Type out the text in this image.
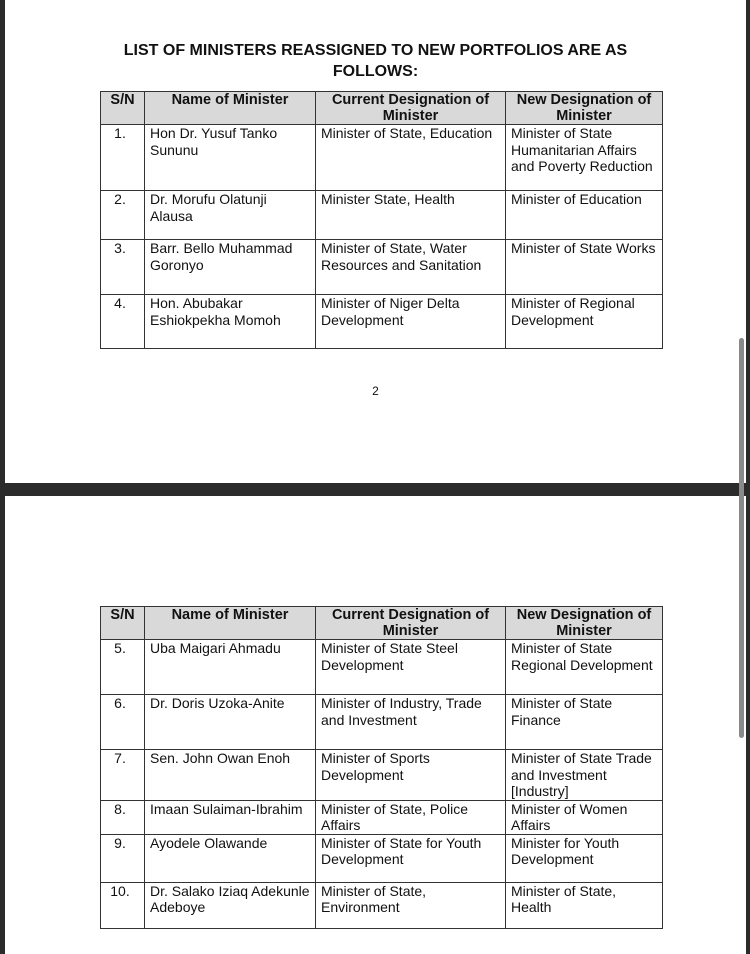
LIST OF MINISTERS REASSIGNED TO NEW PORTFOLIOS ARE AS
FOLLOWS:
S/N	Name of Minister	Current Designation of Minister	New Designation of Minister
1.	Hon Dr. Yusuf Tanko Sununu	Minister of State, Education	Minister of State Humanitarian Affairs and Poverty Reduction
2.	Dr. Morufu Olatunji Alausa	Minister State, Health	Minister of Education
3.	Barr. Bello Muhammad Goronyo	Minister of State, Water Resources and Sanitation	Minister of State Works
4.	Hon. Abubakar Eshiokpekha Momoh	Minister of Niger Delta Development	Minister of Regional Development
2
S/N	Name of Minister	Current Designation of Minister	New Designation of Minister
5.	Uba Maigari Ahmadu	Minister of State Steel Development	Minister of State Regional Development
6.	Dr. Doris Uzoka-Anite	Minister of Industry, Trade and Investment	Minister of State Finance
7.	Sen. John Owan Enoh	Minister of Sports Development	Minister of State Trade and Investment [Industry]
8.	Imaan Sulaiman-Ibrahim	Minister of State, Police Affairs	Minister of Women Affairs
9.	Ayodele Olawande	Minister of State for Youth Development	Minister for Youth Development
10.	Dr. Salako Iziaq Adekunle Adeboye	Minister of State, Environment	Minister of State, Health
